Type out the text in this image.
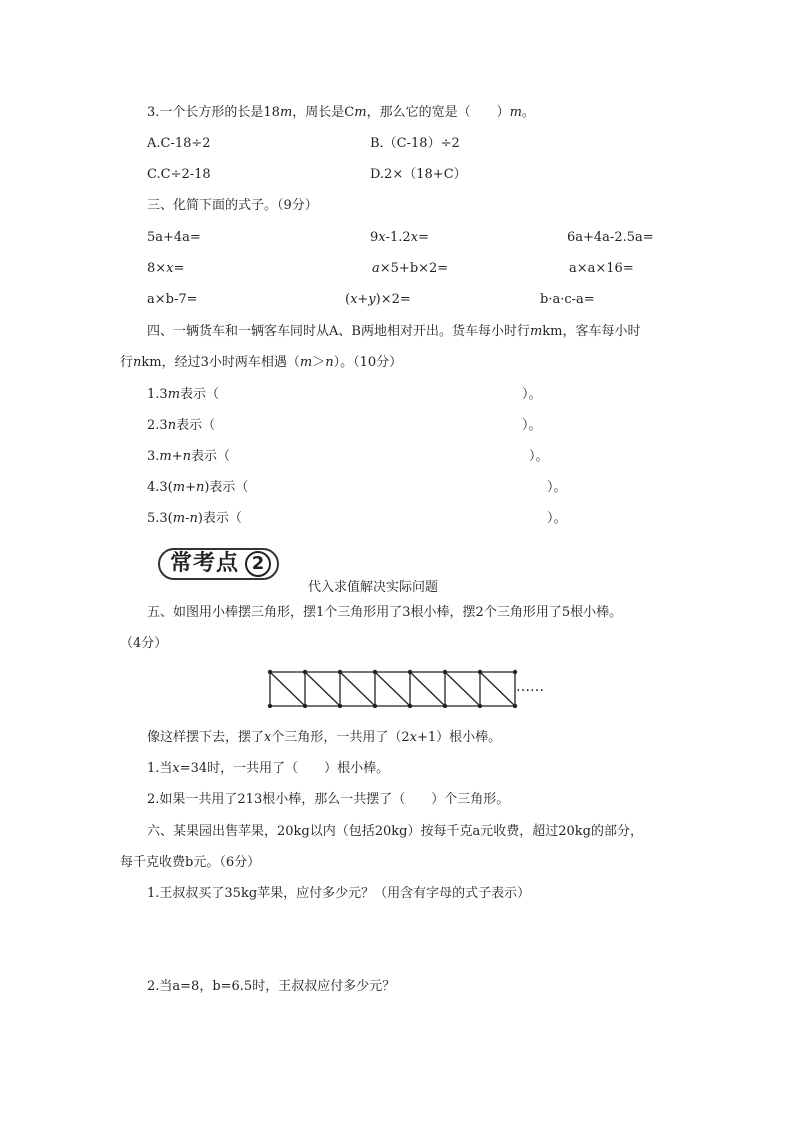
3.一个长方形的长是18m，周长是Cm，那么它的宽是（　　）m。
A.C-18÷2	B.（C-18）÷2
C.C÷2-18	D.2×（18+C）
三、化简下面的式子。（9分）
5a+4a=	9x-1.2x=	6a+4a-2.5a=
8×x=	a×5+b×2=	a×a×16=
a×b-7=	(x+y)×2=	b·a·c-a=
四、一辆货车和一辆客车同时从A、B两地相对开出。货车每小时行mkm，客车每小时
行nkm，经过3小时两车相遇（m＞n）。（10分）
1.3m表示（	）。
2.3n表示（	）。
3.m+n表示（	）。
4.3(m+n)表示（	）。
5.3(m-n)表示（	）。
常考点 2
代入求值解决实际问题
五、如图用小棒摆三角形，摆1个三角形用了3根小棒，摆2个三角形用了5根小棒。
（4分）
……
像这样摆下去，摆了x个三角形，一共用了（2x+1）根小棒。
1.当x=34时，一共用了（　　）根小棒。
2.如果一共用了213根小棒，那么一共摆了（　　）个三角形。
六、某果园出售苹果，20kg以内（包括20kg）按每千克a元收费，超过20kg的部分，
每千克收费b元。（6分）
1.王叔叔买了35kg苹果，应付多少元？（用含有字母的式子表示）
2.当a=8，b=6.5时，王叔叔应付多少元？
